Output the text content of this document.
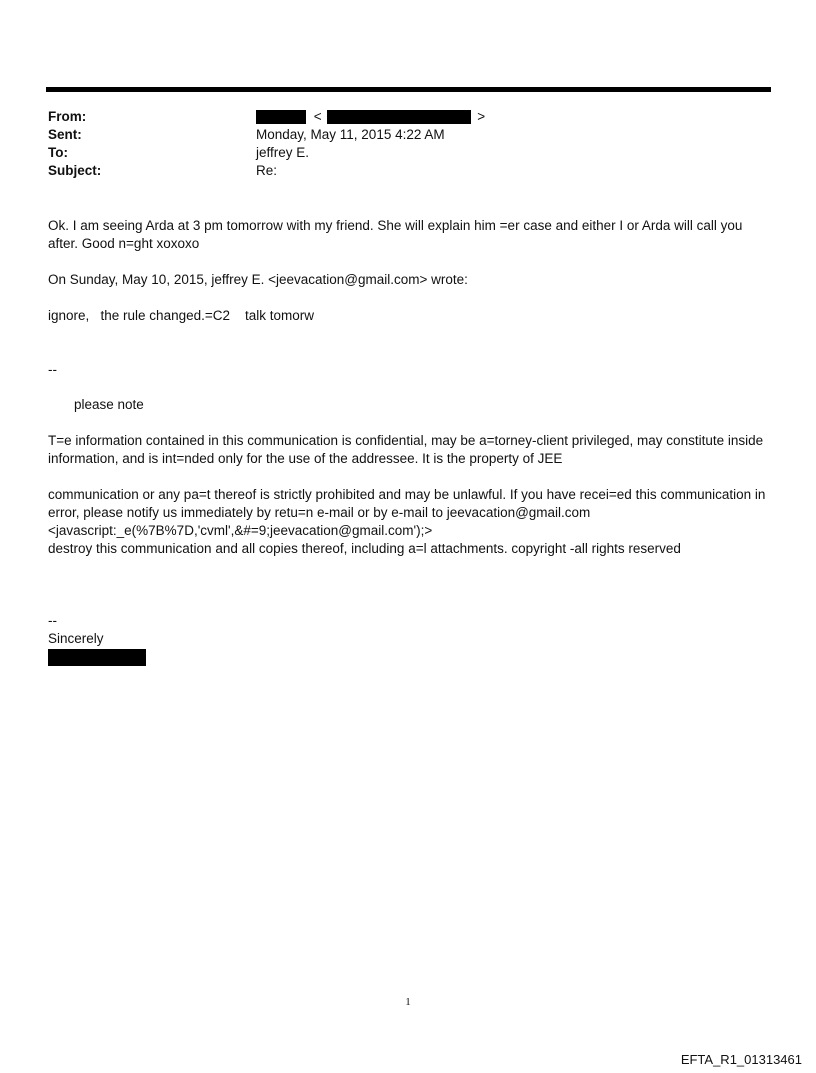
From:	<	>
Sent:	Monday, May 11, 2015 4:22 AM
To:	jeffrey E.
Subject:	Re:

Ok. I am seeing Arda at 3 pm tomorrow with my friend. She will explain him =er case and either I or Arda will call you after. Good n=ght xoxoxo

On Sunday, May 10, 2015, jeffrey E. <jeevacation@gmail.com> wrote:

ignore,   the rule changed.=C2    talk tomorw

--

please note

T=e information contained in this communication is confidential, may be a=torney-client privileged, may constitute inside information, and is int=nded only for the use of the addressee. It is the property of JEE

communication or any pa=t thereof is strictly prohibited and may be unlawful. If you have recei=ed this communication in error, please notify us immediately by retu=n e-mail or by e-mail to jeevacation@gmail.com

<javascript:_e(%7B%7D,'cvml',&#=9;jeevacation@gmail.com');>

destroy this communication and all copies thereof, including a=l attachments. copyright -all rights reserved

--

Sincerely

1
EFTA_R1_01313461
